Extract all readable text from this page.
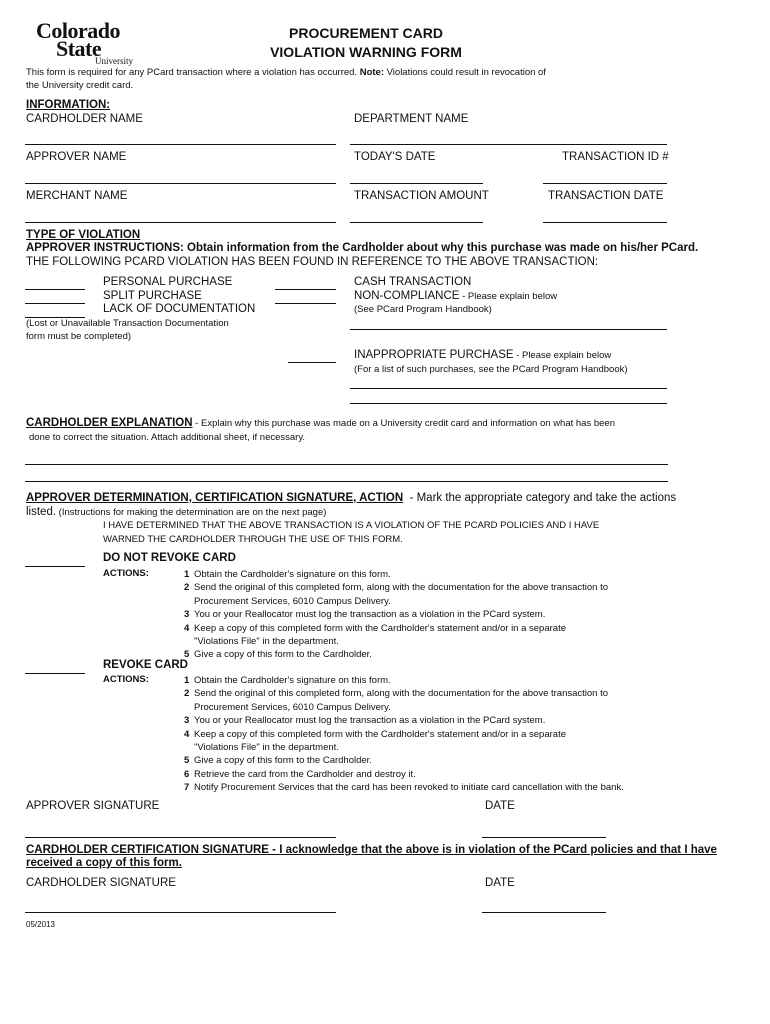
Colorado
State
University
PROCUREMENT CARD
VIOLATION WARNING FORM
This form is required for any PCard transaction where a violation has occurred. Note: Violations could result in revocation of
the University credit card.
INFORMATION:
CARDHOLDER NAME	DEPARTMENT NAME
APPROVER NAME	TODAY'S DATE	TRANSACTION ID #
MERCHANT NAME	TRANSACTION AMOUNT	TRANSACTION DATE
TYPE OF VIOLATION
APPROVER INSTRUCTIONS: Obtain information from the Cardholder about why this purchase was made on his/her PCard.
THE FOLLOWING PCARD VIOLATION HAS BEEN FOUND IN REFERENCE TO THE ABOVE TRANSACTION:
PERSONAL PURCHASE
SPLIT PURCHASE
LACK OF DOCUMENTATION
(Lost or Unavailable Transaction Documentation
form must be completed)
CASH TRANSACTION
NON-COMPLIANCE - Please explain below
(See PCard Program Handbook)
INAPPROPRIATE PURCHASE - Please explain below
(For a list of such purchases, see the PCard Program Handbook)
CARDHOLDER EXPLANATION - Explain why this purchase was made on a University credit card and information on what has been
done to correct the situation. Attach additional sheet, if necessary.
APPROVER DETERMINATION, CERTIFICATION SIGNATURE, ACTION  - Mark the appropriate category and take the actions
listed. (Instructions for making the determination are on the next page)
I HAVE DETERMINED THAT THE ABOVE TRANSACTION IS A VIOLATION OF THE PCARD POLICIES AND I HAVE
WARNED THE CARDHOLDER THROUGH THE USE OF THIS FORM.
DO NOT REVOKE CARD
ACTIONS:	1 Obtain the Cardholder's signature on this form.
2 Send the original of this completed form, along with the documentation for the above transaction to
Procurement Services, 6010 Campus Delivery.
3 You or your Reallocator must log the transaction as a violation in the PCard system.
4 Keep a copy of this completed form with the Cardholder's statement and/or in a separate
"Violations File" in the department.
5 Give a copy of this form to the Cardholder.
REVOKE CARD
ACTIONS:	1 Obtain the Cardholder's signature on this form.
2 Send the original of this completed form, along with the documentation for the above transaction to
Procurement Services, 6010 Campus Delivery.
3 You or your Reallocator must log the transaction as a violation in the PCard system.
4 Keep a copy of this completed form with the Cardholder's statement and/or in a separate
"Violations File" in the department.
5 Give a copy of this form to the Cardholder.
6 Retrieve the card from the Cardholder and destroy it.
7 Notify Procurement Services that the card has been revoked to initiate card cancellation with the bank.
APPROVER SIGNATURE	DATE
CARDHOLDER CERTIFICATION SIGNATURE - I acknowledge that the above is in violation of the PCard policies and that I have
received a copy of this form.
CARDHOLDER SIGNATURE	DATE
05/2013
